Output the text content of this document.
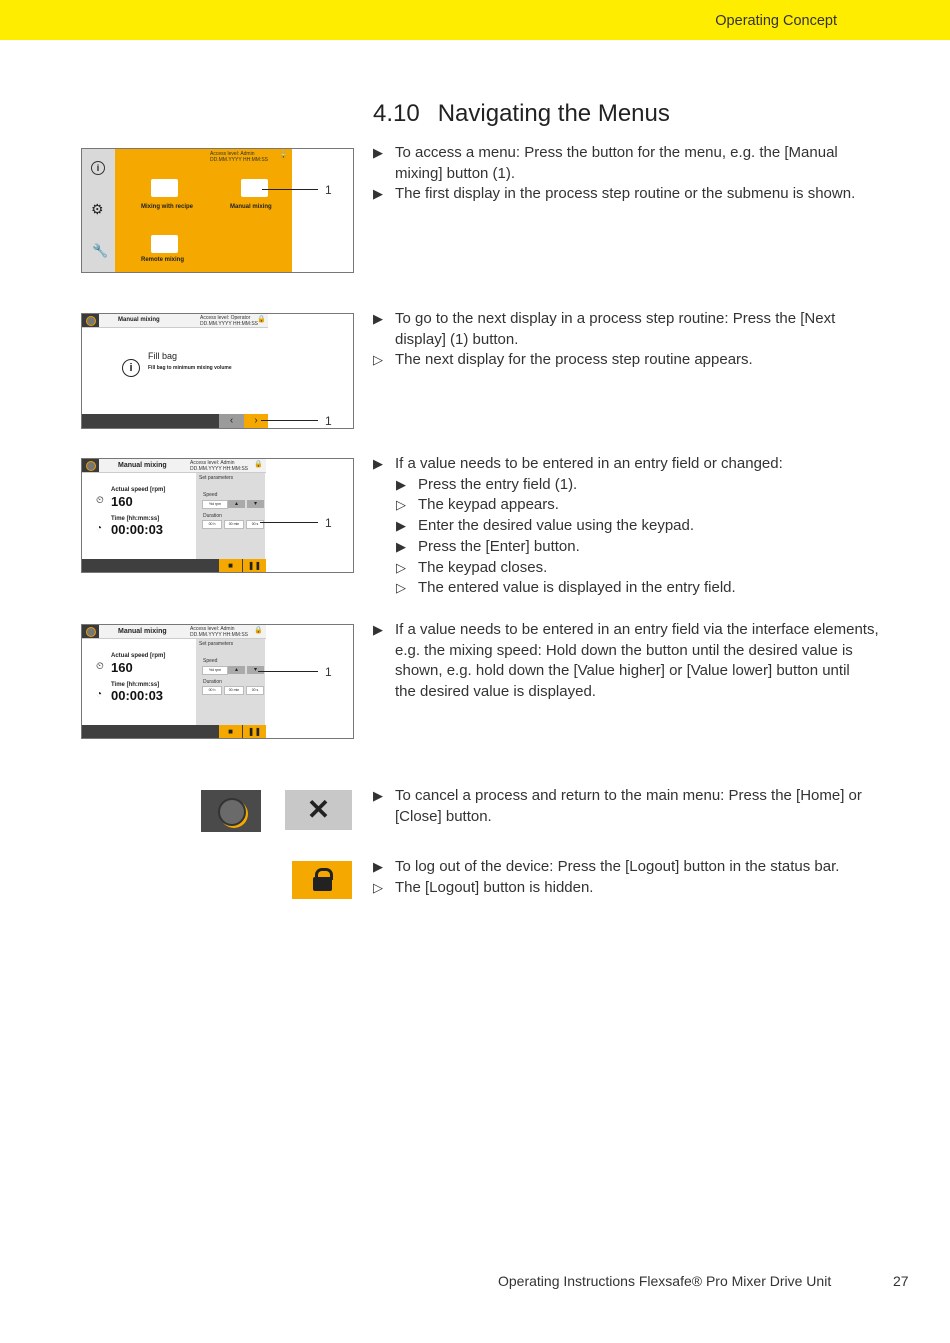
Operating Concept
4.10 Navigating the Menus
▶ To access a menu: Press the button for the menu, e.g. the [Manual
mixing] button (1).
▶ The first display in the process step routine or the submenu is shown.
▶ To go to the next display in a process step routine: Press the [Next
display] (1) button.
▷ The next display for the process step routine appears.
▶ If a value needs to be entered in an entry field or changed:
▶ Press the entry field (1).
▷ The keypad appears.
▶ Enter the desired value using the keypad.
▶ Press the [Enter] button.
▷ The keypad closes.
▷ The entered value is displayed in the entry field.
▶ If a value needs to be entered in an entry field via the interface elements,
e.g. the mixing speed: Hold down the button until the desired value is
shown, e.g. hold down the [Value higher] or [Value lower] button until
the desired value is displayed.
▶ To cancel a process and return to the main menu: Press the [Home] or
[Close] button.
▶ To log out of the device: Press the [Logout] button in the status bar.
▷ The [Logout] button is hidden.
i
⚙
🔧
Access level: Admin
DD.MM.YYYY HH:MM:SS
🔒
Mixing with recipe	Manual mixing
Remote mixing
1
Manual mixing	Access level: Operator
DD.MM.YYYY HH:MM:SS
🔒
i
Fill bag
Fill bag to minimum mixing volume
‹	›	1
Manual mixing	Access level: Admin
DD.MM.YYYY HH:MM:SS
🔒
Set parameters
Speed
%d rpm	▴	▾
Duration
00 h	00 min	00 s
Actual speed [rpm]
⏲ 160
Time [hh:mm:ss]
◔ 00:00:03
■	❚❚
1
Manual mixing	Access level: Admin
DD.MM.YYYY HH:MM:SS
🔒
Set parameters
Speed
%d rpm	▴	▾
Duration
00 h	00 min	00 s
Actual speed [rpm]
⏲ 160
Time [hh:mm:ss]
◔ 00:00:03
■	❚❚
1
✕
Operating Instructions Flexsafe® Pro Mixer Drive Unit	27
